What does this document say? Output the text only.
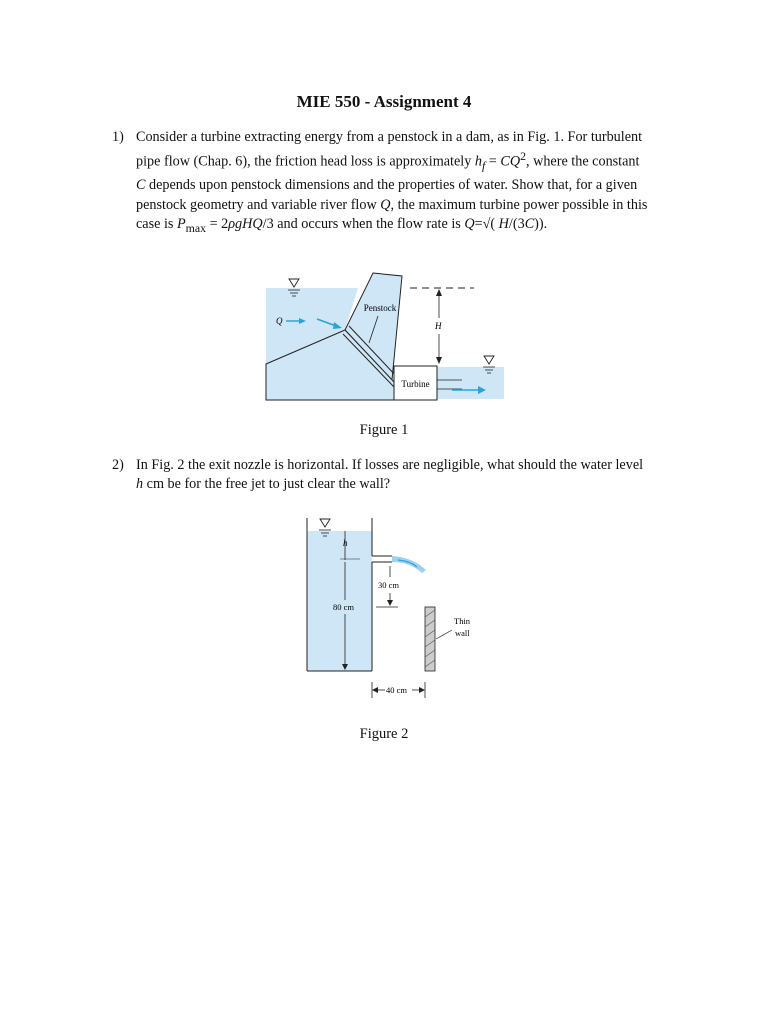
MIE 550 - Assignment 4
1) Consider a turbine extracting energy from a penstock in a dam, as in Fig. 1. For turbulent pipe flow (Chap. 6), the friction head loss is approximately $h_f = CQ^2$, where the constant C depends upon penstock dimensions and the properties of water. Show that, for a given penstock geometry and variable river flow Q, the maximum turbine power possible in this case is $P_{max} = 2\rho gHQ/3$ and occurs when the flow rate is Q=√( H/(3C)).
Turbine
Penstock
Q	H
Figure 1
2) In Fig. 2 the exit nozzle is horizontal. If losses are negligible, what should the water level h cm be for the free jet to just clear the wall?
h
80 cm
30 cm
Thin
wall
40 cm
Figure 2
